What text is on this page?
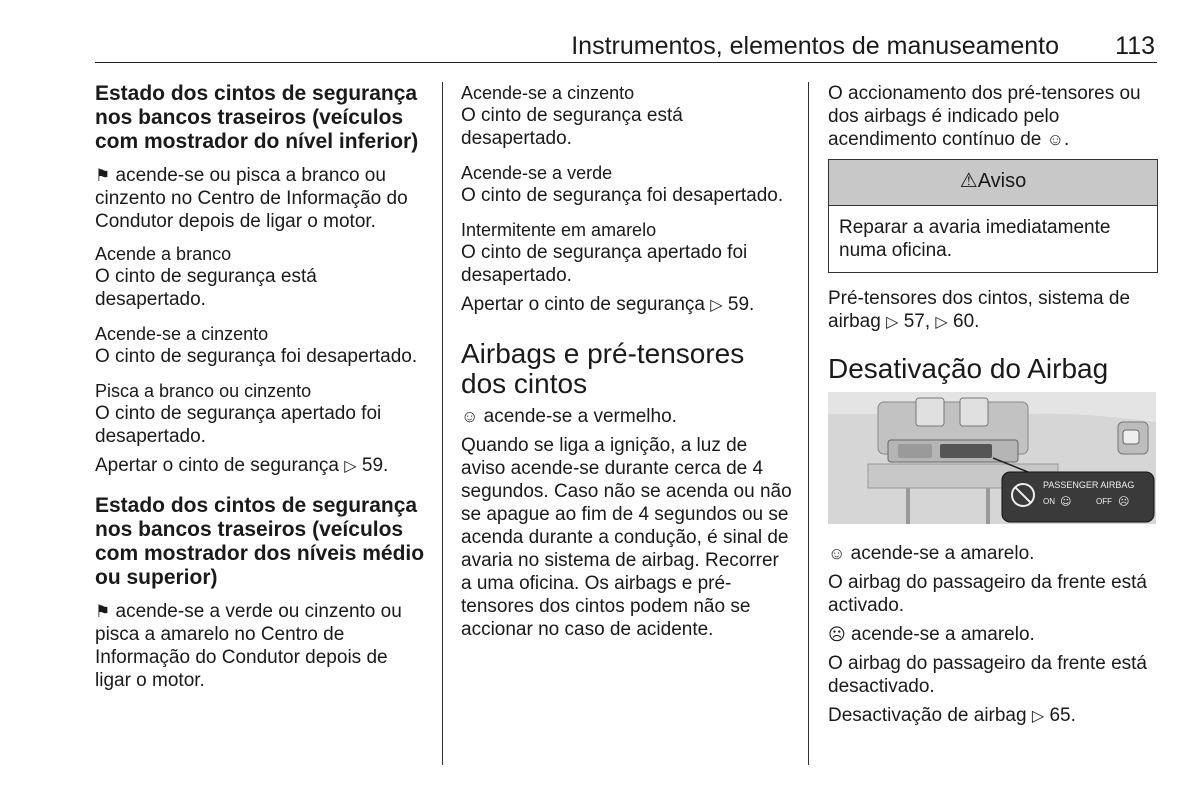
Instrumentos, elementos de manuseamento 113
Estado dos cintos de segurança nos bancos traseiros (veículos com mostrador do nível inferior)

⚑ acende-se ou pisca a branco ou cinzento no Centro de Informação do Condutor depois de ligar o motor.

Acende a branco
O cinto de segurança está desapertado.
Acende-se a cinzento
O cinto de segurança foi desapertado.
Pisca a branco ou cinzento
O cinto de segurança apertado foi desapertado.

Apertar o cinto de segurança ▷ 59.

Estado dos cintos de segurança nos bancos traseiros (veículos com mostrador dos níveis médio ou superior)

⚑ acende-se a verde ou cinzento ou pisca a amarelo no Centro de Informação do Condutor depois de ligar o motor.

Acende-se a cinzento
O cinto de segurança está desapertado.
Acende-se a verde
O cinto de segurança foi desapertado.
Intermitente em amarelo
O cinto de segurança apertado foi desapertado.

Apertar o cinto de segurança ▷ 59.

Airbags e pré-tensores dos cintos

☺ acende-se a vermelho.

Quando se liga a ignição, a luz de aviso acende-se durante cerca de 4 segundos. Caso não se acenda ou não se apague ao fim de 4 segundos ou se acenda durante a condução, é sinal de avaria no sistema de airbag. Recorrer a uma oficina. Os airbags e pré-tensores dos cintos podem não se accionar no caso de acidente.

O accionamento dos pré-tensores ou dos airbags é indicado pelo acendimento contínuo de ☺.

⚠Aviso
Reparar a avaria imediatamente numa oficina.

Pré-tensores dos cintos, sistema de airbag ▷ 57, ▷ 60.

Desativação do Airbag
PASSENGER AIRBAG
ON ☺	OFF ☹

☺ acende-se a amarelo.

O airbag do passageiro da frente está activado.

☹ acende-se a amarelo.

O airbag do passageiro da frente está desactivado.

Desactivação de airbag ▷ 65.
